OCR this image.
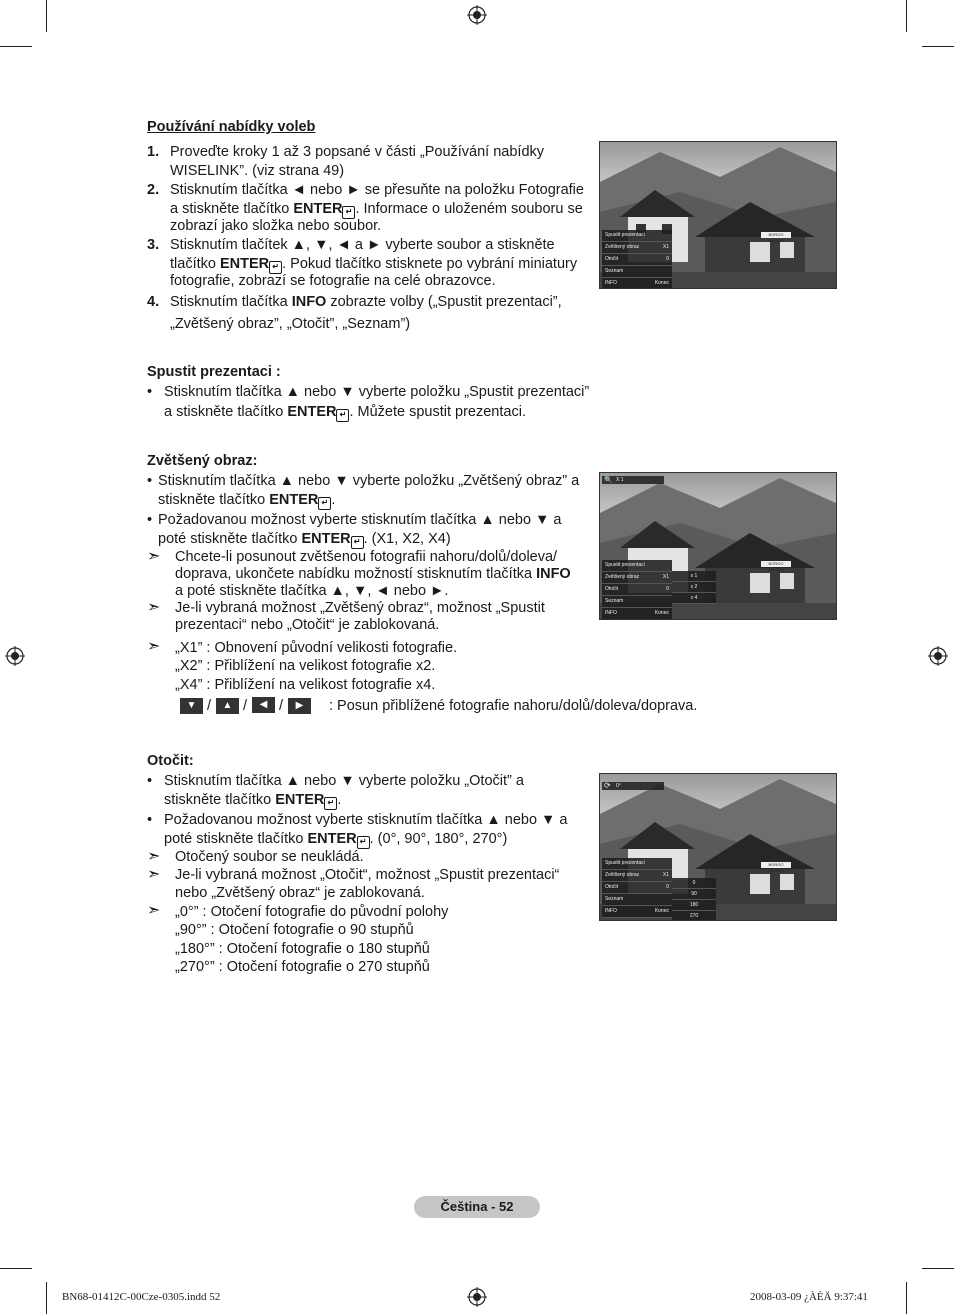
Používání nabídky voleb
1. Proveďte kroky 1 až 3 popsané v části „Používání nabídky
WISELINK”. (viz strana 49)
2. Stisknutím tlačítka ◄ nebo ► se přesuňte na položku Fotografie
a stiskněte tlačítko ENTER ↵ . Informace o uloženém souboru se
zobrazí jako složka nebo soubor.
3. Stisknutím tlačítek ▲, ▼, ◄ a ► vyberte soubor a stiskněte
tlačítko ENTER ↵ . Pokud tlačítko stisknete po vybrání miniatury
fotografie, zobrazí se fotografie na celé obrazovce.
4. Stisknutím tlačítka INFO zobrazte volby („Spustit prezentaci”,
„Zvětšený obraz”, „Otočit”, „Seznam”)
BORGO MILANO
Spustit prezentaci
Zvětšený obraz	X1
Otočit	0
Seznam
INFO	Konec
Spustit prezentaci :
• Stisknutím tlačítka ▲ nebo ▼ vyberte položku „Spustit prezentaci”
a stiskněte tlačítko ENTER ↵ . Můžete spustit prezentaci.
Zvětšený obraz:
• Stisknutím tlačítka ▲ nebo ▼ vyberte položku „Zvětšený obraz” a
stiskněte tlačítko ENTER ↵ .
• Požadovanou možnost vyberte stisknutím tlačítka ▲ nebo ▼ a
poté stiskněte tlačítko ENTER ↵ . (X1, X2, X4)
➣ Chcete-li posunout zvětšenou fotografii nahoru/dolů/doleva/
doprava, ukončete nabídku možností stisknutím tlačítka INFO
a poté stiskněte tlačítka ▲, ▼, ◄ nebo ►.
➣ Je-li vybraná možnost „Zvětšený obraz“, možnost „Spustit
prezentaci“ nebo „Otočit“ je zablokovaná.
➣ „X1” : Obnovení původní velikosti fotografie.
„X2” : Přiblížení na velikost fotografie x2.
„X4” : Přiblížení na velikost fotografie x4.
▼ /	▲ /	◀ /	▶	: Posun přiblížené fotografie nahoru/dolů/doleva/doprava.
X 1
🔍
BORGO MILANO
Spustit prezentaci
Zvětšený obraz	X1
Otočit	0
Seznam
INFO	Konec
x 1
x 2
x 4
Otočit:
• Stisknutím tlačítka ▲ nebo ▼ vyberte položku „Otočit” a
stiskněte tlačítko ENTER ↵ .
• Požadovanou možnost vyberte stisknutím tlačítka ▲ nebo ▼ a
poté stiskněte tlačítko ENTER ↵ . (0°, 90°, 180°, 270°)
➣ Otočený soubor se neukládá.
➣ Je-li vybraná možnost „Otočit“, možnost „Spustit prezentaci“
nebo „Zvětšený obraz“ je zablokovaná.
➣ „0°” : Otočení fotografie do původní polohy
„90°” : Otočení fotografie o 90 stupňů
„180°” : Otočení fotografie o 180 stupňů
„270°” : Otočení fotografie o 270 stupňů
0°
⟳
BORGO MILANO
Spustit prezentaci
Zvětšený obraz	X1
Otočit	0
Seznam
INFO	Konec
0
90
180
270
Čeština - 52
BN68-01412C-00Cze-0305.indd 52	2008-03-09 ¿ÀÈÄ 9:37:41
